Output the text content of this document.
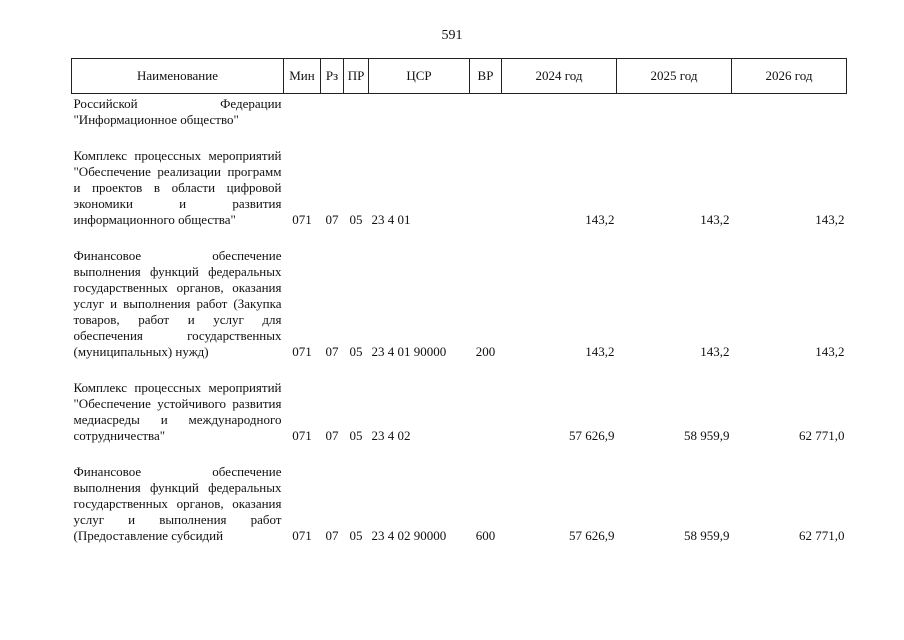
591
Наименование	Мин	Рз	ПР	ЦСР	ВР	2024 год	2025 год	2026 год
Российской Федерации "Информационное общество"								

Комплекс процессных мероприятий "Обеспечение реализации программ и проектов в области цифровой экономики и развития информационного общества"	071	07	05	23 4 01		143,2	143,2	143,2

Финансовое обеспечение выполнения функций федеральных государственных органов, оказания услуг и выполнения работ (Закупка товаров, работ и услуг для обеспечения государственных (муниципальных) нужд)	071	07	05	23 4 01 90000	200	143,2	143,2	143,2

Комплекс процессных мероприятий "Обеспечение устойчивого развития медиасреды и международного сотрудничества"	071	07	05	23 4 02		57 626,9	58 959,9	62 771,0

Финансовое обеспечение выполнения функций федеральных государственных органов, оказания услуг и выполнения работ (Предоставление субсидий	071	07	05	23 4 02 90000	600	57 626,9	58 959,9	62 771,0
